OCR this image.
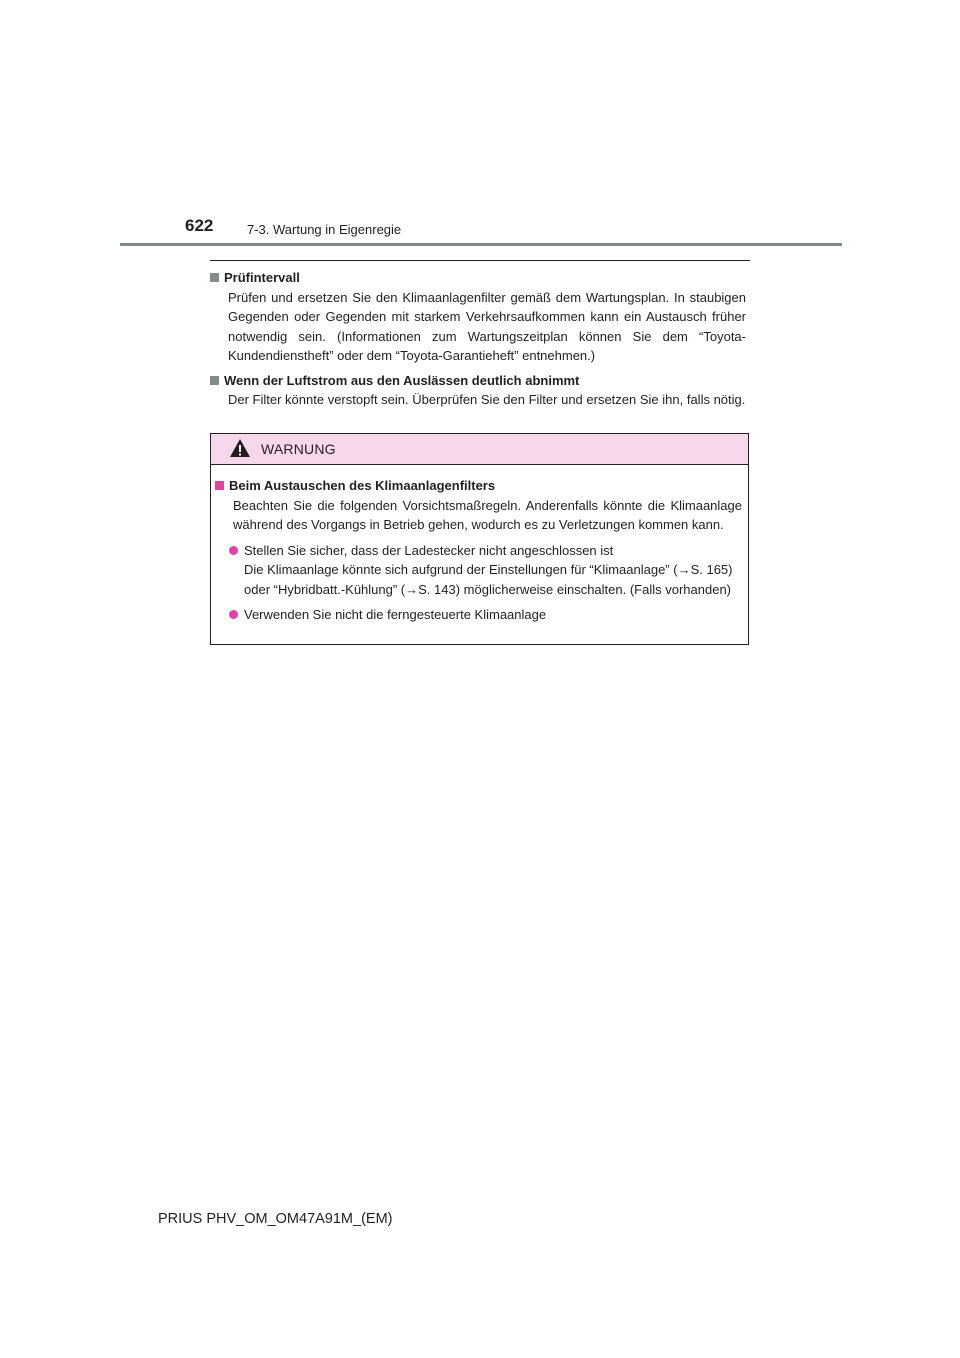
622	7-3. Wartung in Eigenregie
Prüfintervall
Prüfen und ersetzen Sie den Klimaanlagenfilter gemäß dem Wartungsplan. In staubigen Gegenden oder Gegenden mit starkem Verkehrsaufkommen kann ein Austausch früher notwendig sein. (Informationen zum Wartungszeitplan können Sie dem “Toyota-Kundendienstheft” oder dem “Toyota-Garantieheft” entnehmen.)
Wenn der Luftstrom aus den Auslässen deutlich abnimmt
Der Filter könnte verstopft sein. Überprüfen Sie den Filter und ersetzen Sie ihn, falls nötig.
WARNUNG
Beim Austauschen des Klimaanlagenfilters
Beachten Sie die folgenden Vorsichtsmaßregeln. Anderenfalls könnte die Klimaanlage während des Vorgangs in Betrieb gehen, wodurch es zu Verletzungen kommen kann.
Stellen Sie sicher, dass der Ladestecker nicht angeschlossen ist
Die Klimaanlage könnte sich aufgrund der Einstellungen für “Klimaanlage” (→S. 165) oder “Hybridbatt.-Kühlung” (→S. 143) möglicherweise einschalten. (Falls vorhanden)
Verwenden Sie nicht die ferngesteuerte Klimaanlage
PRIUS PHV_OM_OM47A91M_(EM)
